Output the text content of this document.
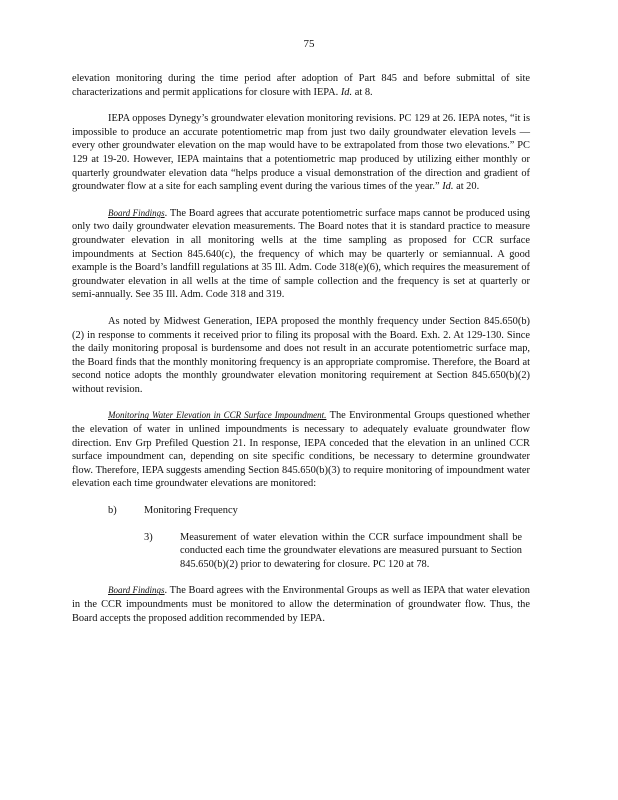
75

elevation monitoring during the time period after adoption of Part 845 and before submittal of site characterizations and permit applications for closure with IEPA. Id. at 8.

IEPA opposes Dynegy’s groundwater elevation monitoring revisions. PC 129 at 26. IEPA notes, “it is impossible to produce an accurate potentiometric map from just two daily groundwater elevation levels — every other groundwater elevation on the map would have to be extrapolated from those two elevations.” PC 129 at 19-20. However, IEPA maintains that a potentiometric map produced by utilizing either monthly or quarterly groundwater elevation data “helps produce a visual demonstration of the direction and gradient of groundwater flow at a site for each sampling event during the various times of the year.” Id. at 20.

Board Findings. The Board agrees that accurate potentiometric surface maps cannot be produced using only two daily groundwater elevation measurements. The Board notes that it is standard practice to measure groundwater elevation in all monitoring wells at the time sampling as proposed for CCR surface impoundments at Section 845.640(c), the frequency of which may be quarterly or semiannual. A good example is the Board’s landfill regulations at 35 Ill. Adm. Code 318(e)(6), which requires the measurement of groundwater elevation in all wells at the time of sample collection and the frequency is set at quarterly or semi-annually. See 35 Ill. Adm. Code 318 and 319.

As noted by Midwest Generation, IEPA proposed the monthly frequency under Section 845.650(b)(2) in response to comments it received prior to filing its proposal with the Board. Exh. 2. At 129-130. Since the daily monitoring proposal is burdensome and does not result in an accurate potentiometric surface map, the Board finds that the monthly monitoring frequency is an appropriate compromise. Therefore, the Board at second notice adopts the monthly groundwater elevation monitoring requirement at Section 845.650(b)(2) without revision.

Monitoring Water Elevation in CCR Surface Impoundment. The Environmental Groups questioned whether the elevation of water in unlined impoundments is necessary to adequately evaluate groundwater flow direction. Env Grp Prefiled Question 21. In response, IEPA conceded that the elevation in an unlined CCR surface impoundment can, depending on site specific conditions, be necessary to determine groundwater flow. Therefore, IEPA suggests amending Section 845.650(b)(3) to require monitoring of impoundment water elevation each time groundwater elevations are monitored:

b)	Monitoring Frequency
3)	Measurement of water elevation within the CCR surface impoundment shall be conducted each time the groundwater elevations are measured pursuant to Section 845.650(b)(2) prior to dewatering for closure. PC 120 at 78.

Board Findings. The Board agrees with the Environmental Groups as well as IEPA that water elevation in the CCR impoundments must be monitored to allow the determination of groundwater flow. Thus, the Board accepts the proposed addition recommended by IEPA.
